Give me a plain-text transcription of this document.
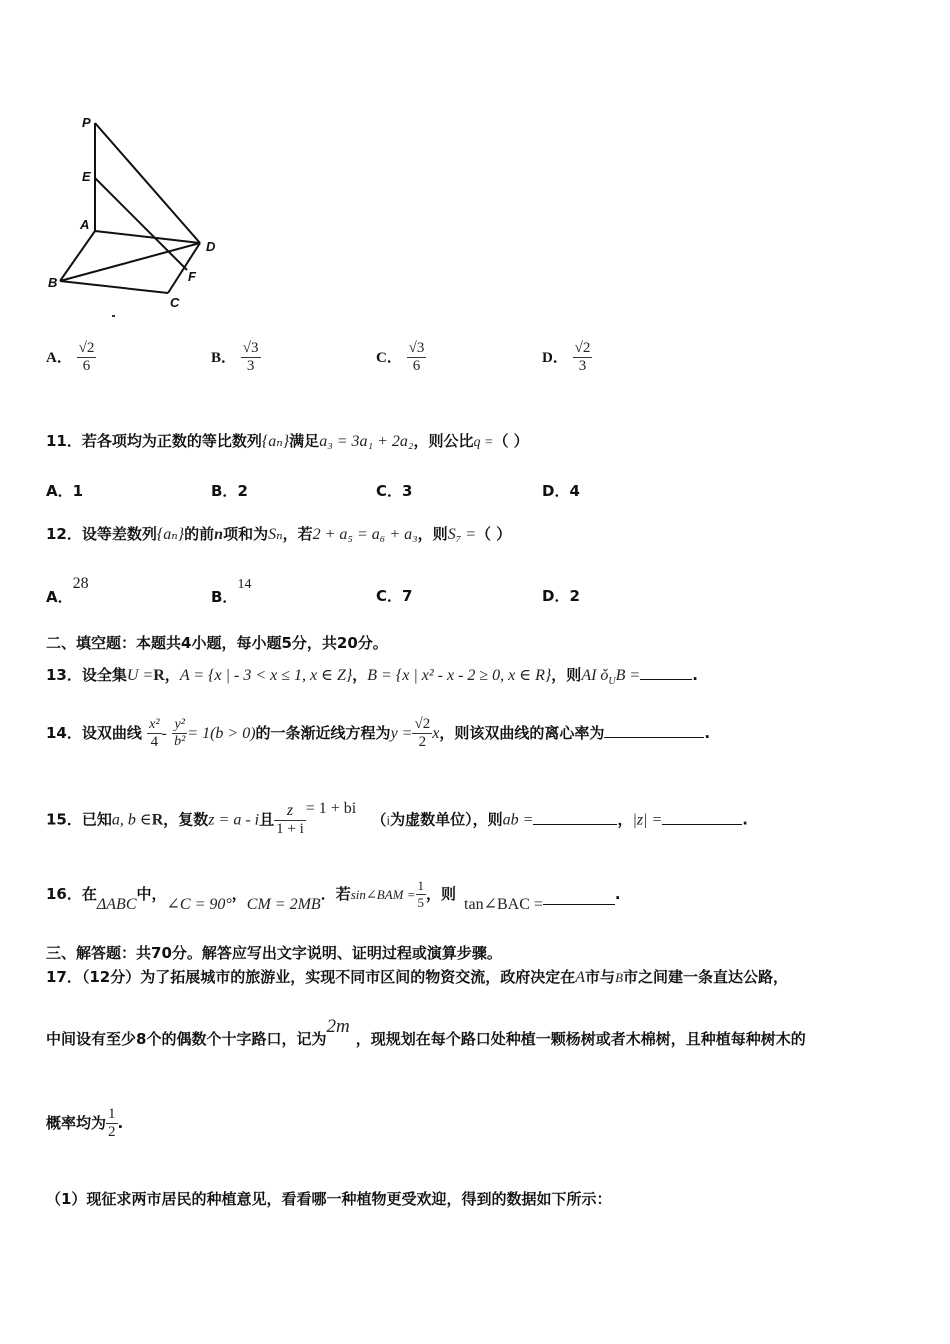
P
E
A
B
C
D
F
A． $\frac{√2}{6}$	B． $\frac{√3}{3}$	C． $\frac{√3}{6}$	D． $\frac{√2}{3}$
11．若各项均为正数的等比数列{aₙ}满足a₃ = 3a₁ + 2a₂，则公比q =（ ）
A．1	B．2	C．3	D．4
12．设等差数列{aₙ}的前n项和为Sₙ，若2 + a₅ = a₆ + a₃，则S₇ =（ ）
A．28
B．14
C．7	D．2
二、填空题：本题共4小题，每小题5分，共20分。
13．设全集U =R，A = {x | - 3 < x ≤ 1, x ∈ Z}，B = {x | x² - x - 2 ≥ 0, x ∈ R}，则AI $ǒ_UB$ =	.
14．设双曲线 $\frac{\text{x²}}{4} - \frac{\text{y²}}{\text{b²}} = 1(b > 0)$的一条渐近线方程为$y = \frac{√2}{2}$ x，则该双曲线的离心率为	.
15．已知a, b ∈R，复数z = a - i且 $\frac{z}{1 + i} = 1$ + bi （i为虚数单位），则ab =	，|z| =	.
16．在ΔABC中，∠C = 90°，CM = 2MB．若sin∠BAM = $\frac{1}{5}$ ，则tan∠BAC =.
三、解答题：共70分。解答应写出文字说明、证明过程或演算步骤。
17．（12分）为了拓展城市的旅游业，实现不同市区间的物资交流，政府决定在A市与B市之间建一条直达公路，
中间设有至少8个的偶数个十字路口，记为2m，现规划在每个路口处种植一颗杨树或者木棉树，且种植每种树木的
概率均为 $\frac{1}{2}$ .
（1）现征求两市居民的种植意见，看看哪一种植物更受欢迎，得到的数据如下所示：
